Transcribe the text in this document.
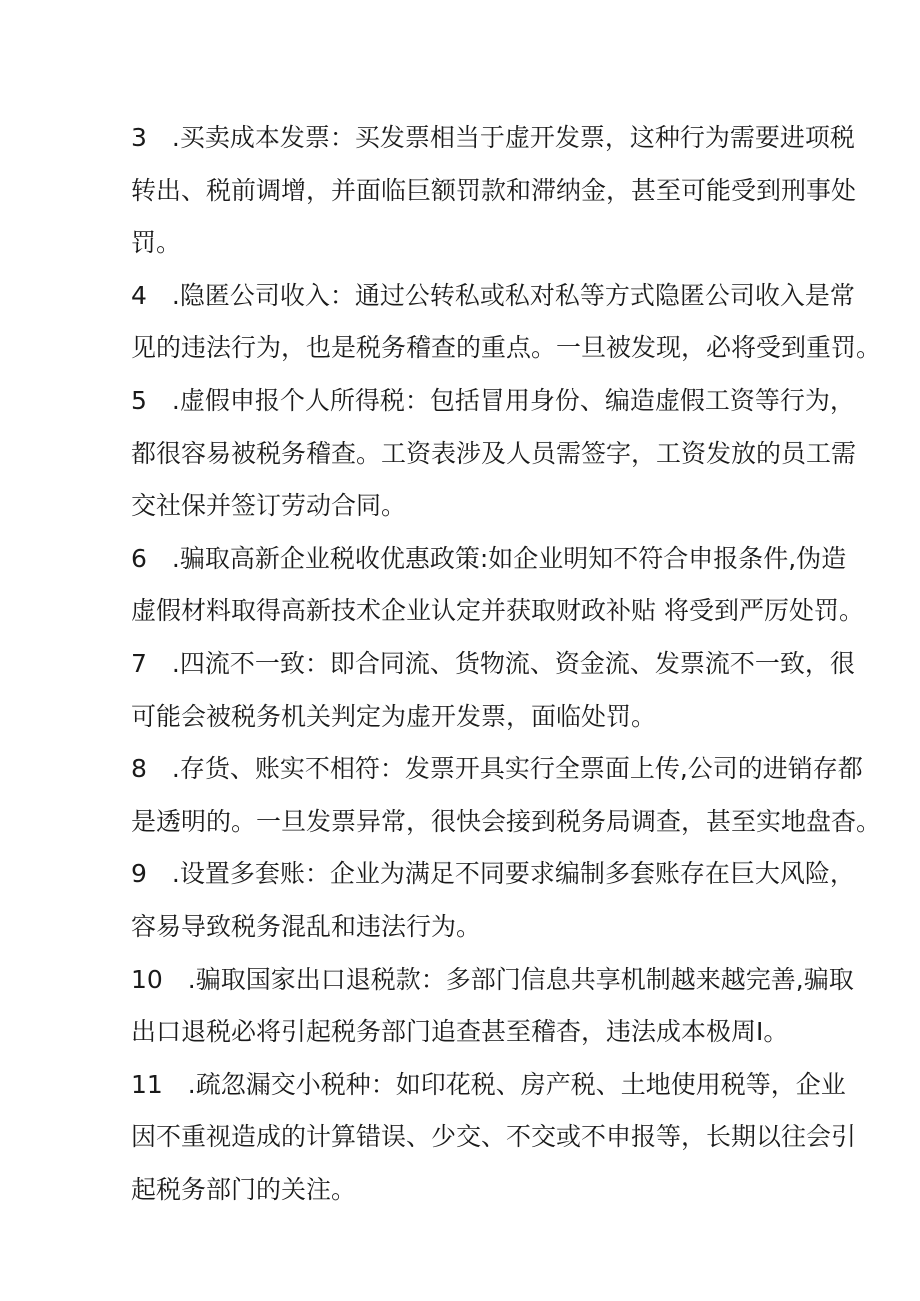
3　.买卖成本发票：买发票相当于虚开发票，这种行为需要进项税
转出、税前调增，并面临巨额罚款和滞纳金，甚至可能受到刑事处
罚。
4　.隐匿公司收入：通过公转私或私对私等方式隐匿公司收入是常
见的违法行为，也是税务稽查的重点。一旦被发现，必将受到重罚。
5　.虚假申报个人所得税：包括冒用身份、编造虚假工资等行为，
都很容易被税务稽查。工资表涉及人员需签字，工资发放的员工需
交社保并签订劳动合同。
6　.骗取高新企业税收优惠政策:如企业明知不符合申报条件,伪造
虚假材料取得高新技术企业认定并获取财政补贴 将受到严厉处罚。
7　.四流不一致：即合同流、货物流、资金流、发票流不一致，很
可能会被税务机关判定为虚开发票，面临处罚。
8　.存货、账实不相符：发票开具实行全票面上传,公司的进销存都
是透明的。一旦发票异常，很快会接到税务局调查，甚至实地盘杳。
9　.设置多套账：企业为满足不同要求编制多套账存在巨大风险，
容易导致税务混乱和违法行为。
10　.骗取国家出口退税款：多部门信息共享机制越来越完善,骗取
出口退税必将引起税务部门追查甚至稽杳，违法成本极周I。
11　.疏忽漏交小税种：如印花税、房产税、土地使用税等，企业
因不重视造成的计算错误、少交、不交或不申报等，长期以往会引
起税务部门的关注。
